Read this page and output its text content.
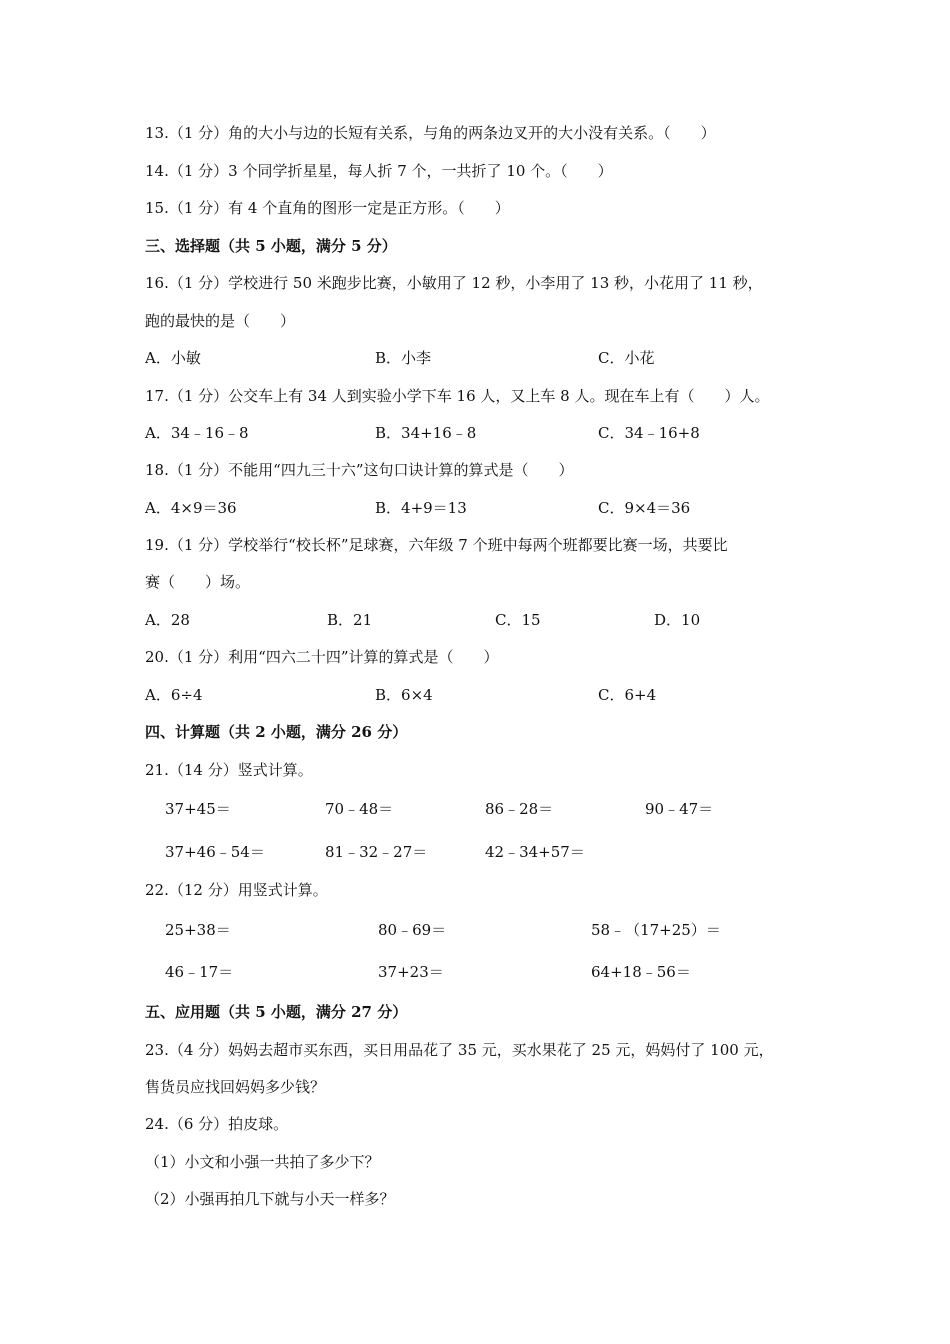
13.（1 分）角的大小与边的长短有关系，与角的两条边叉开的大小没有关系。（　　）
14.（1 分）3 个同学折星星，每人折 7 个，一共折了 10 个。（　　）
15.（1 分）有 4 个直角的图形一定是正方形。（　　）
三、选择题（共 5 小题，满分 5 分）
16.（1 分）学校进行 50 米跑步比赛，小敏用了 12 秒，小李用了 13 秒，小花用了 11 秒，
跑的最快的是（　　）
A．小敏	B．小李	C．小花
17.（1 分）公交车上有 34 人到实验小学下车 16 人，又上车 8 人。现在车上有（　　）人。
A．34﹣16﹣8	B．34+16﹣8	C．34﹣16+8
18.（1 分）不能用“四九三十六”这句口诀计算的算式是（　　）
A．4×9＝36	B．4+9＝13	C．9×4＝36
19.（1 分）学校举行“校长杯”足球赛，六年级 7 个班中每两个班都要比赛一场，共要比
赛（　　）场。
A．28	B．21	C．15	D．10
20.（1 分）利用“四六二十四”计算的算式是（　　）
A．6÷4	B．6×4	C．6+4
四、计算题（共 2 小题，满分 26 分）
21.（14 分）竖式计算。
37+45＝	70﹣48＝	86﹣28＝	90﹣47＝
37+46﹣54＝	81﹣32﹣27＝	42﹣34+57＝
22.（12 分）用竖式计算。
25+38＝	80﹣69＝	58﹣（17+25）＝
46﹣17＝	37+23＝	64+18﹣56＝
五、应用题（共 5 小题，满分 27 分）
23.（4 分）妈妈去超市买东西，买日用品花了 35 元，买水果花了 25 元，妈妈付了 100 元，
售货员应找回妈妈多少钱？
24.（6 分）拍皮球。
（1）小文和小强一共拍了多少下？
（2）小强再拍几下就与小天一样多？
